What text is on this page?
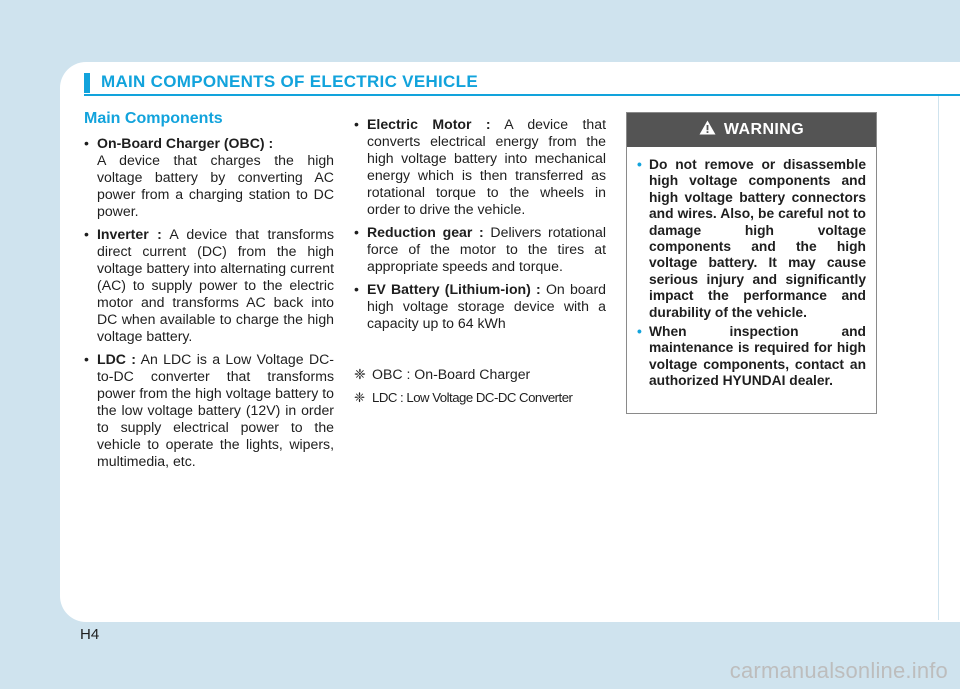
MAIN COMPONENTS OF ELECTRIC VEHICLE
Main Components
• On-Board Charger (OBC) :
A device that charges the high voltage battery by converting AC power from a charging station to DC power.
• Inverter : A device that transforms direct current (DC) from the high voltage battery into alternating current (AC) to supply power to the electric motor and transforms AC back into DC when available to charge the high voltage battery.
• LDC : An LDC is a Low Voltage DC-to-DC converter that transforms power from the high voltage battery to the low voltage battery (12V) in order to supply electrical power to the vehicle to operate the lights, wipers, multimedia, etc.
• Electric Motor : A device that converts electrical energy from the high voltage battery into mechanical energy which is then transferred as rotational torque to the wheels in order to drive the vehicle.
• Reduction gear : Delivers rotational force of the motor to the tires at appropriate speeds and torque.
• EV Battery (Lithium-ion) : On board high voltage storage device with a capacity up to 64 kWh
❈ OBC : On-Board Charger
❈ LDC : Low Voltage DC-DC Converter
WARNING
• Do not remove or disassemble high voltage components and high voltage battery connectors and wires. Also, be careful not to damage high voltage components and the high voltage battery. It may cause serious injury and significantly impact the performance and durability of the vehicle.
• When inspection and maintenance is required for high voltage components, contact an authorized HYUNDAI dealer.
H4
carmanualsonline.info
